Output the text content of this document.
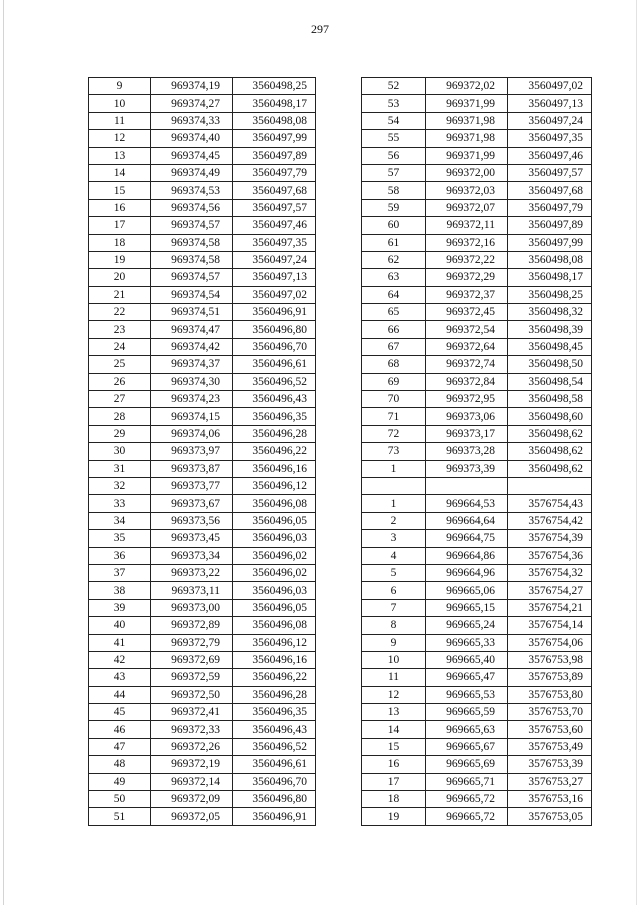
297
9	969374,19	3560498,25
10	969374,27	3560498,17
11	969374,33	3560498,08
12	969374,40	3560497,99
13	969374,45	3560497,89
14	969374,49	3560497,79
15	969374,53	3560497,68
16	969374,56	3560497,57
17	969374,57	3560497,46
18	969374,58	3560497,35
19	969374,58	3560497,24
20	969374,57	3560497,13
21	969374,54	3560497,02
22	969374,51	3560496,91
23	969374,47	3560496,80
24	969374,42	3560496,70
25	969374,37	3560496,61
26	969374,30	3560496,52
27	969374,23	3560496,43
28	969374,15	3560496,35
29	969374,06	3560496,28
30	969373,97	3560496,22
31	969373,87	3560496,16
32	969373,77	3560496,12
33	969373,67	3560496,08
34	969373,56	3560496,05
35	969373,45	3560496,03
36	969373,34	3560496,02
37	969373,22	3560496,02
38	969373,11	3560496,03
39	969373,00	3560496,05
40	969372,89	3560496,08
41	969372,79	3560496,12
42	969372,69	3560496,16
43	969372,59	3560496,22
44	969372,50	3560496,28
45	969372,41	3560496,35
46	969372,33	3560496,43
47	969372,26	3560496,52
48	969372,19	3560496,61
49	969372,14	3560496,70
50	969372,09	3560496,80
51	969372,05	3560496,91
52	969372,02	3560497,02
53	969371,99	3560497,13
54	969371,98	3560497,24
55	969371,98	3560497,35
56	969371,99	3560497,46
57	969372,00	3560497,57
58	969372,03	3560497,68
59	969372,07	3560497,79
60	969372,11	3560497,89
61	969372,16	3560497,99
62	969372,22	3560498,08
63	969372,29	3560498,17
64	969372,37	3560498,25
65	969372,45	3560498,32
66	969372,54	3560498,39
67	969372,64	3560498,45
68	969372,74	3560498,50
69	969372,84	3560498,54
70	969372,95	3560498,58
71	969373,06	3560498,60
72	969373,17	3560498,62
73	969373,28	3560498,62
1	969373,39	3560498,62

1	969664,53	3576754,43
2	969664,64	3576754,42
3	969664,75	3576754,39
4	969664,86	3576754,36
5	969664,96	3576754,32
6	969665,06	3576754,27
7	969665,15	3576754,21
8	969665,24	3576754,14
9	969665,33	3576754,06
10	969665,40	3576753,98
11	969665,47	3576753,89
12	969665,53	3576753,80
13	969665,59	3576753,70
14	969665,63	3576753,60
15	969665,67	3576753,49
16	969665,69	3576753,39
17	969665,71	3576753,27
18	969665,72	3576753,16
19	969665,72	3576753,05
